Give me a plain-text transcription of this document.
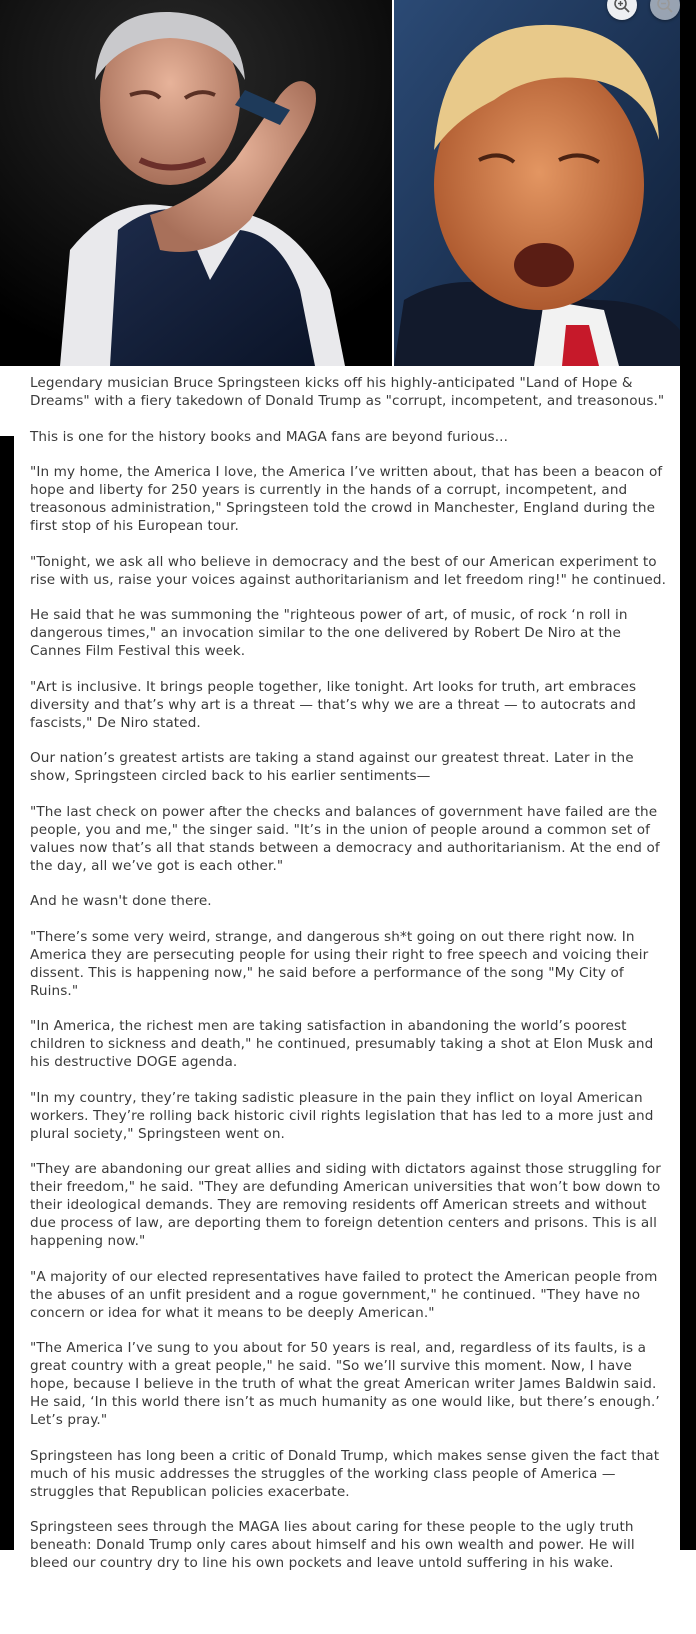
Legendary musician Bruce Springsteen kicks off his highly-anticipated "Land of Hope & Dreams" with a fiery takedown of Donald Trump as "corrupt, incompetent, and treasonous."

This is one for the history books and MAGA fans are beyond furious...

"In my home, the America I love, the America I’ve written about, that has been a beacon of hope and liberty for 250 years is currently in the hands of a corrupt, incompetent, and treasonous administration," Springsteen told the crowd in Manchester, England during the first stop of his European tour.

"Tonight, we ask all who believe in democracy and the best of our American experiment to rise with us, raise your voices against authoritarianism and let freedom ring!" he continued.

He said that he was summoning the "righteous power of art, of music, of rock ‘n roll in dangerous times," an invocation similar to the one delivered by Robert De Niro at the Cannes Film Festival this week.

"Art is inclusive. It brings people together, like tonight. Art looks for truth, art embraces diversity and that’s why art is a threat — that’s why we are a threat — to autocrats and fascists," De Niro stated.

Our nation’s greatest artists are taking a stand against our greatest threat. Later in the show, Springsteen circled back to his earlier sentiments—

"The last check on power after the checks and balances of government have failed are the people, you and me," the singer said. "It’s in the union of people around a common set of values now that’s all that stands between a democracy and authoritarianism. At the end of the day, all we’ve got is each other."

And he wasn't done there.

"There’s some very weird, strange, and dangerous sh*t going on out there right now. In America they are persecuting people for using their right to free speech and voicing their dissent. This is happening now," he said before a performance of the song "My City of Ruins."

"In America, the richest men are taking satisfaction in abandoning the world’s poorest children to sickness and death," he continued, presumably taking a shot at Elon Musk and his destructive DOGE agenda.

"In my country, they’re taking sadistic pleasure in the pain they inflict on loyal American workers. They’re rolling back historic civil rights legislation that has led to a more just and plural society," Springsteen went on.

"They are abandoning our great allies and siding with dictators against those struggling for their freedom," he said. "They are defunding American universities that won’t bow down to their ideological demands. They are removing residents off American streets and without due process of law, are deporting them to foreign detention centers and prisons. This is all happening now."

"A majority of our elected representatives have failed to protect the American people from the abuses of an unfit president and a rogue government," he continued. "They have no concern or idea for what it means to be deeply American."

"The America I’ve sung to you about for 50 years is real, and, regardless of its faults, is a great country with a great people," he said. "So we’ll survive this moment. Now, I have hope, because I believe in the truth of what the great American writer James Baldwin said. He said, ‘In this world there isn’t as much humanity as one would like, but there’s enough.’ Let’s pray."

Springsteen has long been a critic of Donald Trump, which makes sense given the fact that much of his music addresses the struggles of the working class people of America — struggles that Republican policies exacerbate.

Springsteen sees through the MAGA lies about caring for these people to the ugly truth beneath: Donald Trump only cares about himself and his own wealth and power. He will bleed our country dry to line his own pockets and leave untold suffering in his wake.
